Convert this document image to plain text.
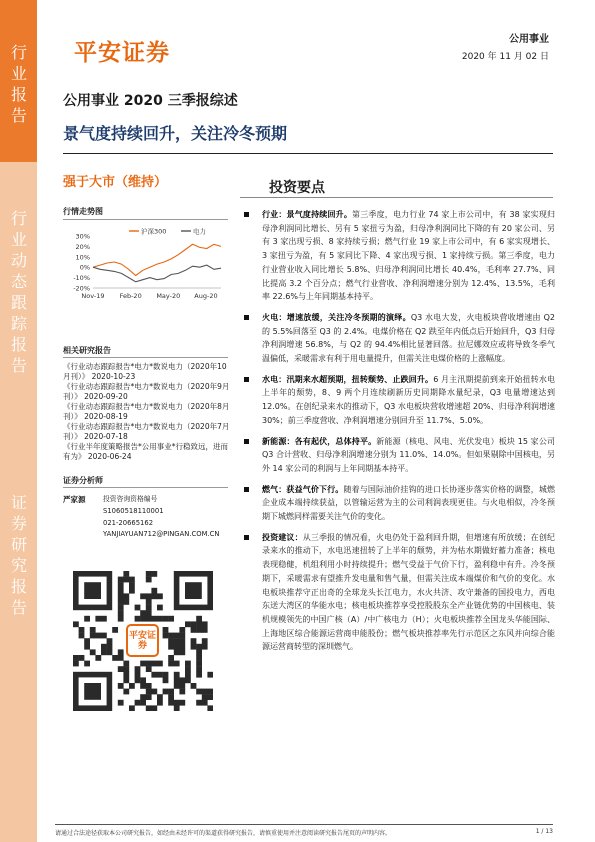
行业报告
行业动态跟踪报告
证券研究报告
平安证券
公用事业
2020 年 11 月 02 日
公用事业 2020 三季报综述
景气度持续回升，关注冷冬预期
强于大市（维持）
行情走势图
30%
20%
10%
0%
-10%
-20%
Nov-19 Feb-20 May-20 Aug-20
沪深300	电力
相关研究报告
《行业动态跟踪报告*电力*数说电力（2020年10月刊）》 2020-10-23
《行业动态跟踪报告*电力*数说电力（2020年9月刊）》 2020-09-20
《行业动态跟踪报告*电力*数说电力（2020年8月刊）》 2020-08-19
《行业动态跟踪报告*电力*数说电力（2020年7月刊）》 2020-07-18
《行业半年度策略报告*公用事业*行稳致远，进而有为》 2020-06-24
证券分析师
严家源	投资咨询资格编号
S1060518110001
021-20665162
YANJIAYUAN712@PINGAN.COM.CN
平安证券
投资要点
行业：景气度持续回升。第三季度，电力行业 74 家上市公司中，有 38 家实现归母净利润同比增长、另有 5 家扭亏为盈，归母净利润同比下降的有 20 家公司、另有 3 家出现亏损、8 家持续亏损；燃气行业 19 家上市公司中，有 6 家实现增长、3 家扭亏为盈，有 5 家同比下降、4 家出现亏损、1 家持续亏损。第三季度，电力行业营业收入同比增长 5.8%、归母净利润同比增长 40.4%，毛利率 27.7%、同比提高 3.2 个百分点；燃气行业营收、净利润增速分别为 12.4%、13.5%，毛利率 22.6%与上年同期基本持平。
火电：增速放缓，关注冷冬预期的演绎。Q3 水电大发，火电板块营收增速由 Q2 的 5.5%回落至 Q3 的 2.4%。电煤价格在 Q2 跌至年内低点后开始回升，Q3 归母净利润增速 56.8%，与 Q2 的 94.4%相比显著回落。拉尼娜效应或将导致冬季气温偏低，采暖需求有利于用电量提升，但需关注电煤价格的上涨幅度。
水电：汛期来水超预期，扭转颓势、止跌回升。6 月主汛期提前到来开始扭转水电上半年的颓势，8、9 两个月连续刷新历史同期降水量纪录，Q3 电量增速达到 12.0%。在创纪录来水的推动下，Q3 水电板块营收增速超 20%、归母净利润增速 30%；前三季度营收、净利润增速分别回升至 11.7%、5.0%。
新能源：各有起伏，总体持平。新能源（核电、风电、光伏发电）板块 15 家公司 Q3 合计营收、归母净利润增速分别为 11.0%、14.0%。但如果剔除中国核电，另外 14 家公司的利润与上年同期基本持平。
燃气：获益气价下行。随着与国际油价挂钩的进口长协逐步落实价格的调整，城燃企业成本端持续获益，以管输运营为主的公司利润表现更佳。与火电相似，冷冬预期下城燃同样需要关注气价的变化。
投资建议：从三季报的情况看，火电仍处于盈利回升期，但增速有所放缓；在创纪录来水的推动下，水电迅速扭转了上半年的颓势，并为枯水期做好蓄力准备；核电表现稳健，机组利用小时持续提升；燃气受益于气价下行，盈利稳中有升。冷冬预期下，采暖需求有望推升发电量和售气量，但需关注成本端煤价和气价的变化。水电板块推荐守正出奇的全球龙头长江电力，水火共济、攻守兼备的国投电力，西电东送大湾区的华能水电；核电板块推荐享受控股股东全产业链优势的中国核电、装机规模领先的中国广核（A）/中广核电力（H）；火电板块推荐全国龙头华能国际、上海地区综合能源运营商申能股份；燃气板块推荐率先行示范区之东风并向综合能源运营商转型的深圳燃气。
请通过合法途径获取本公司研究报告，如经由未经许可的渠道获得研究报告，请慎重使用并注意阅读研究报告尾页的声明内容。	1 / 13
